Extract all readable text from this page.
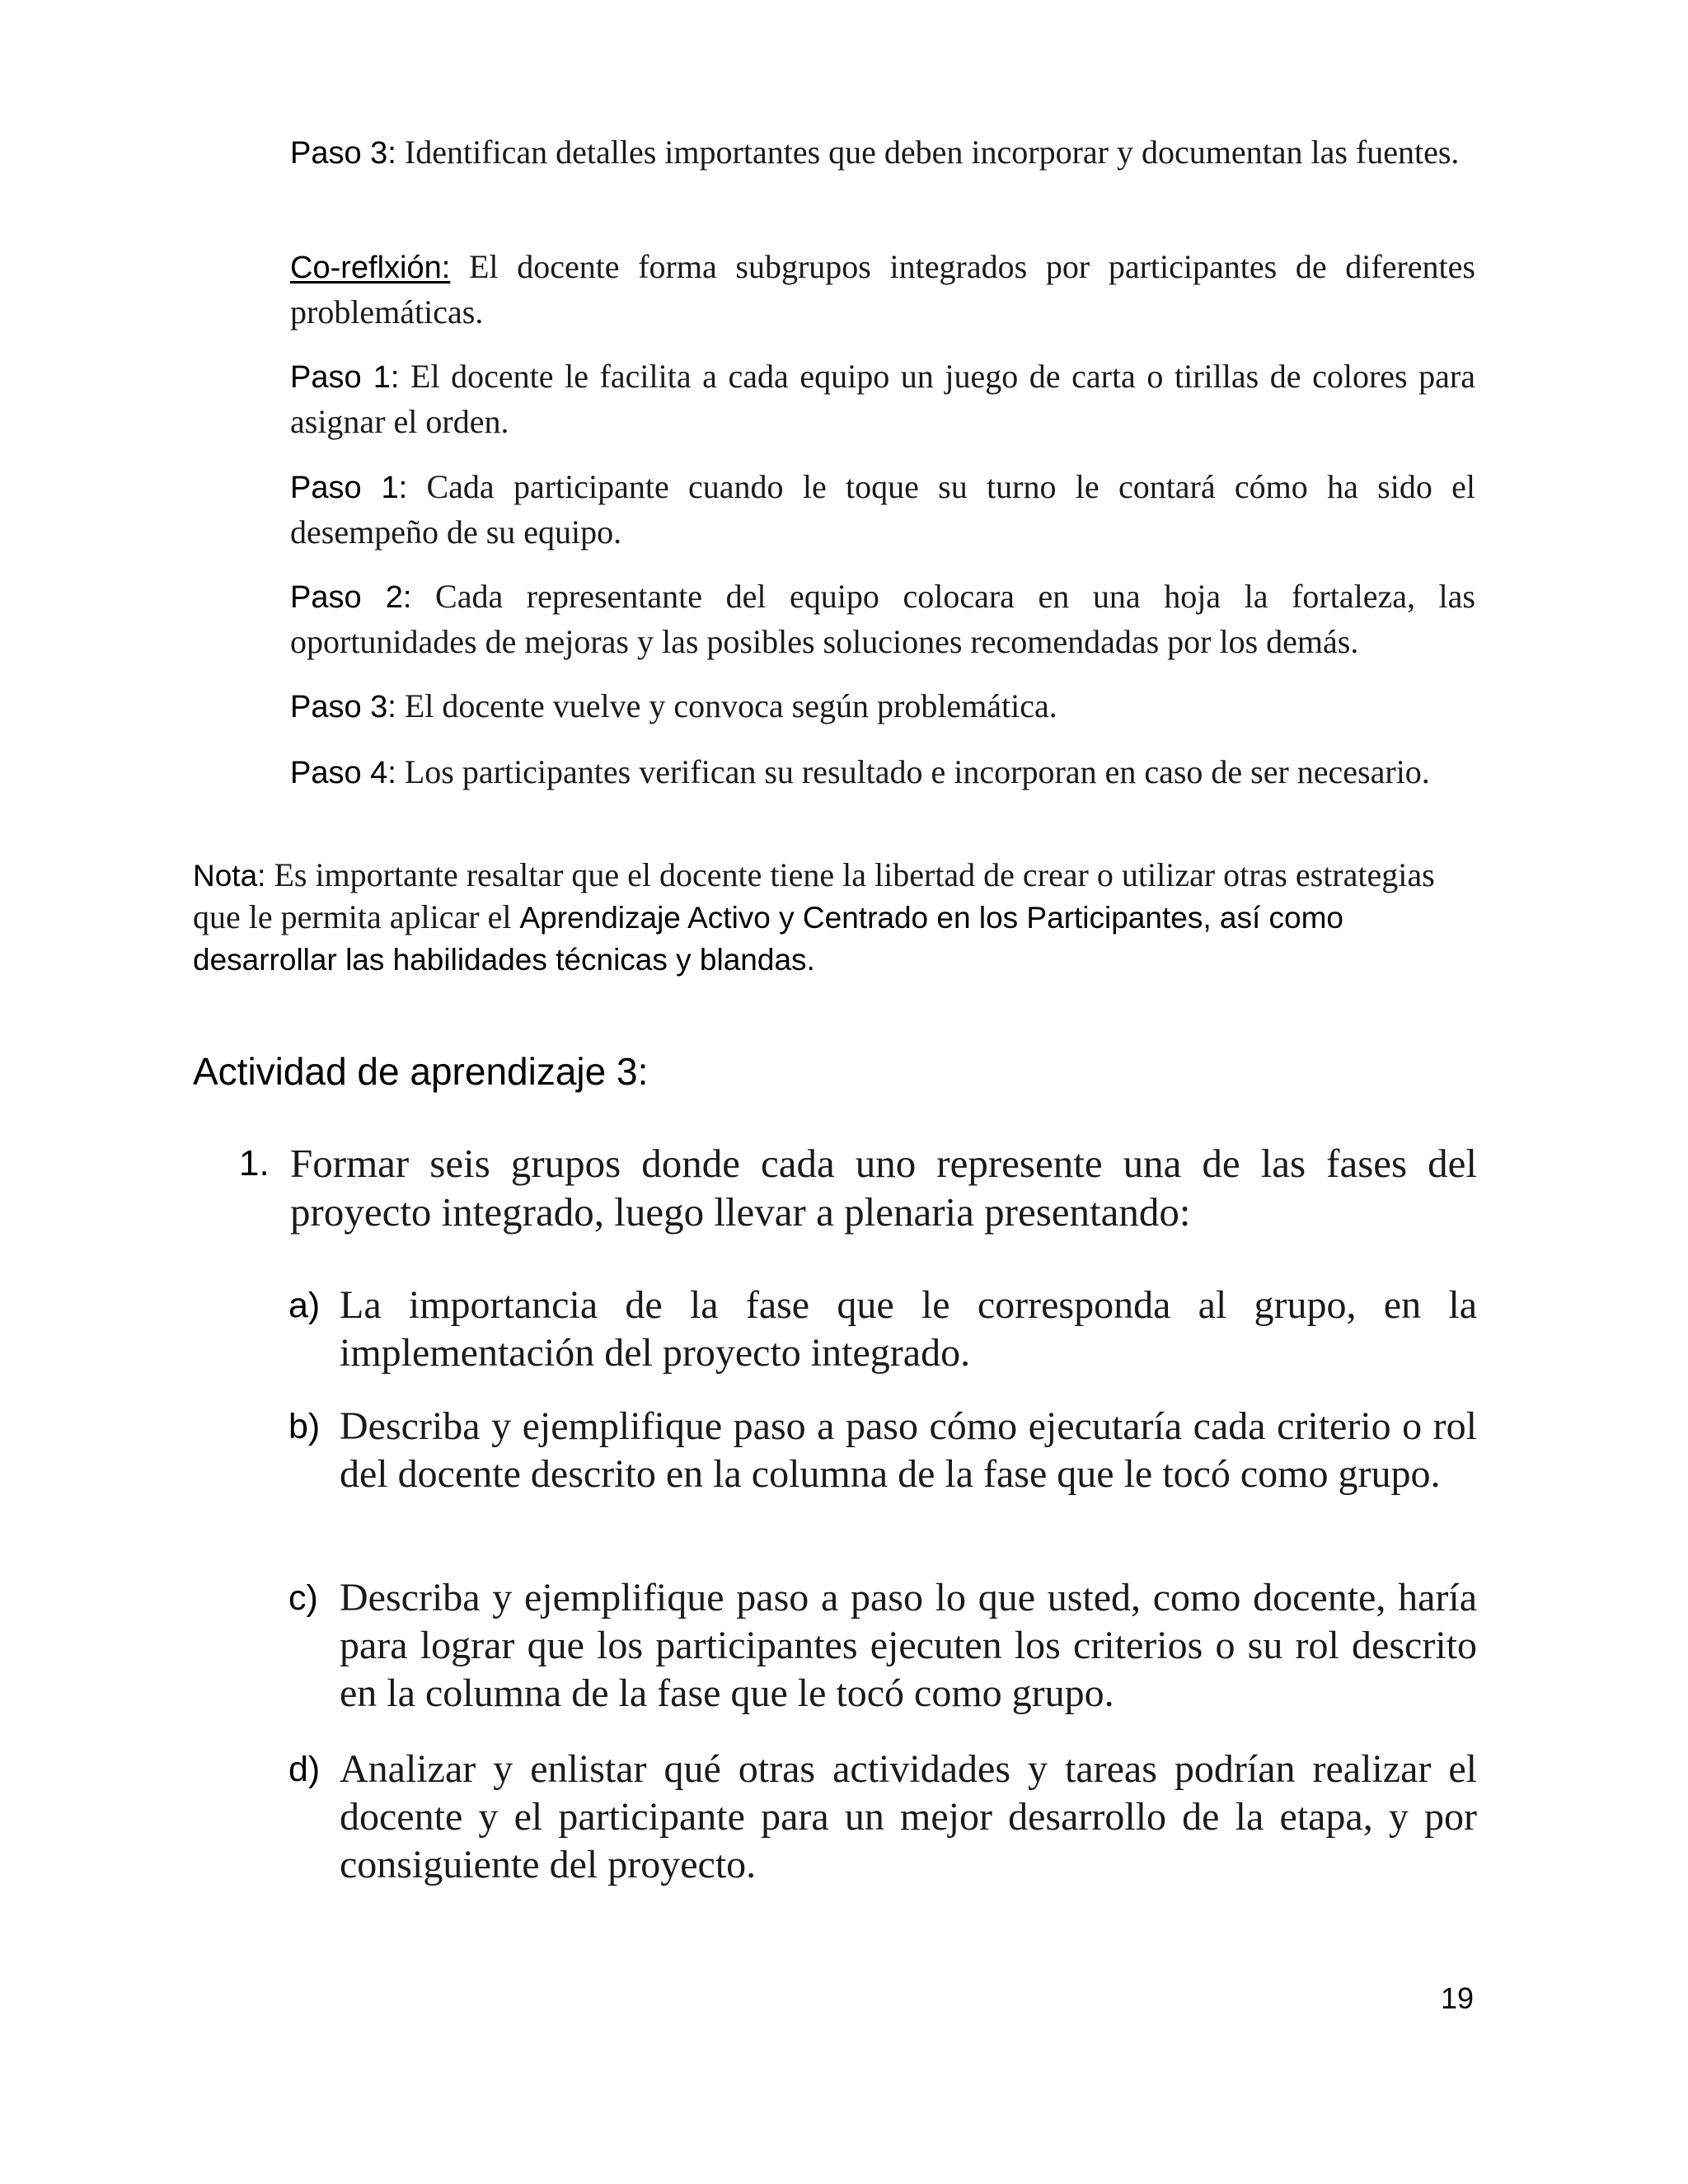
Paso 3: Identifican detalles importantes que deben incorporar y documentan las fuentes.

Co-reflxión: El docente forma subgrupos integrados por participantes de diferentes problemáticas.

Paso 1: El docente le facilita a cada equipo un juego de carta o tirillas de colores para asignar el orden.

Paso 1: Cada participante cuando le toque su turno le contará cómo ha sido el desempeño de su equipo.

Paso 2: Cada representante del equipo colocara en una hoja la fortaleza, las oportunidades de mejoras y las posibles soluciones recomendadas por los demás.

Paso 3: El docente vuelve y convoca según problemática.

Paso 4: Los participantes verifican su resultado e incorporan en caso de ser necesario.

Nota: Es importante resaltar que el docente tiene la libertad de crear o utilizar otras estrategias que le permita aplicar el Aprendizaje Activo y Centrado en los Participantes, así como desarrollar las habilidades técnicas y blandas.

Actividad de aprendizaje 3:
1. Formar seis grupos donde cada uno represente una de las fases del proyecto integrado, luego llevar a plenaria presentando:
a) La importancia de la fase que le corresponda al grupo, en la implementación del proyecto integrado.
b) Describa y ejemplifique paso a paso cómo ejecutaría cada criterio o rol del docente descrito en la columna de la fase que le tocó como grupo.
c) Describa y ejemplifique paso a paso lo que usted, como docente, haría para lograr que los participantes ejecuten los criterios o su rol descrito en la columna de la fase que le tocó como grupo.
d) Analizar y enlistar qué otras actividades y tareas podrían realizar el docente y el participante para un mejor desarrollo de la etapa, y por consiguiente del proyecto.
19
